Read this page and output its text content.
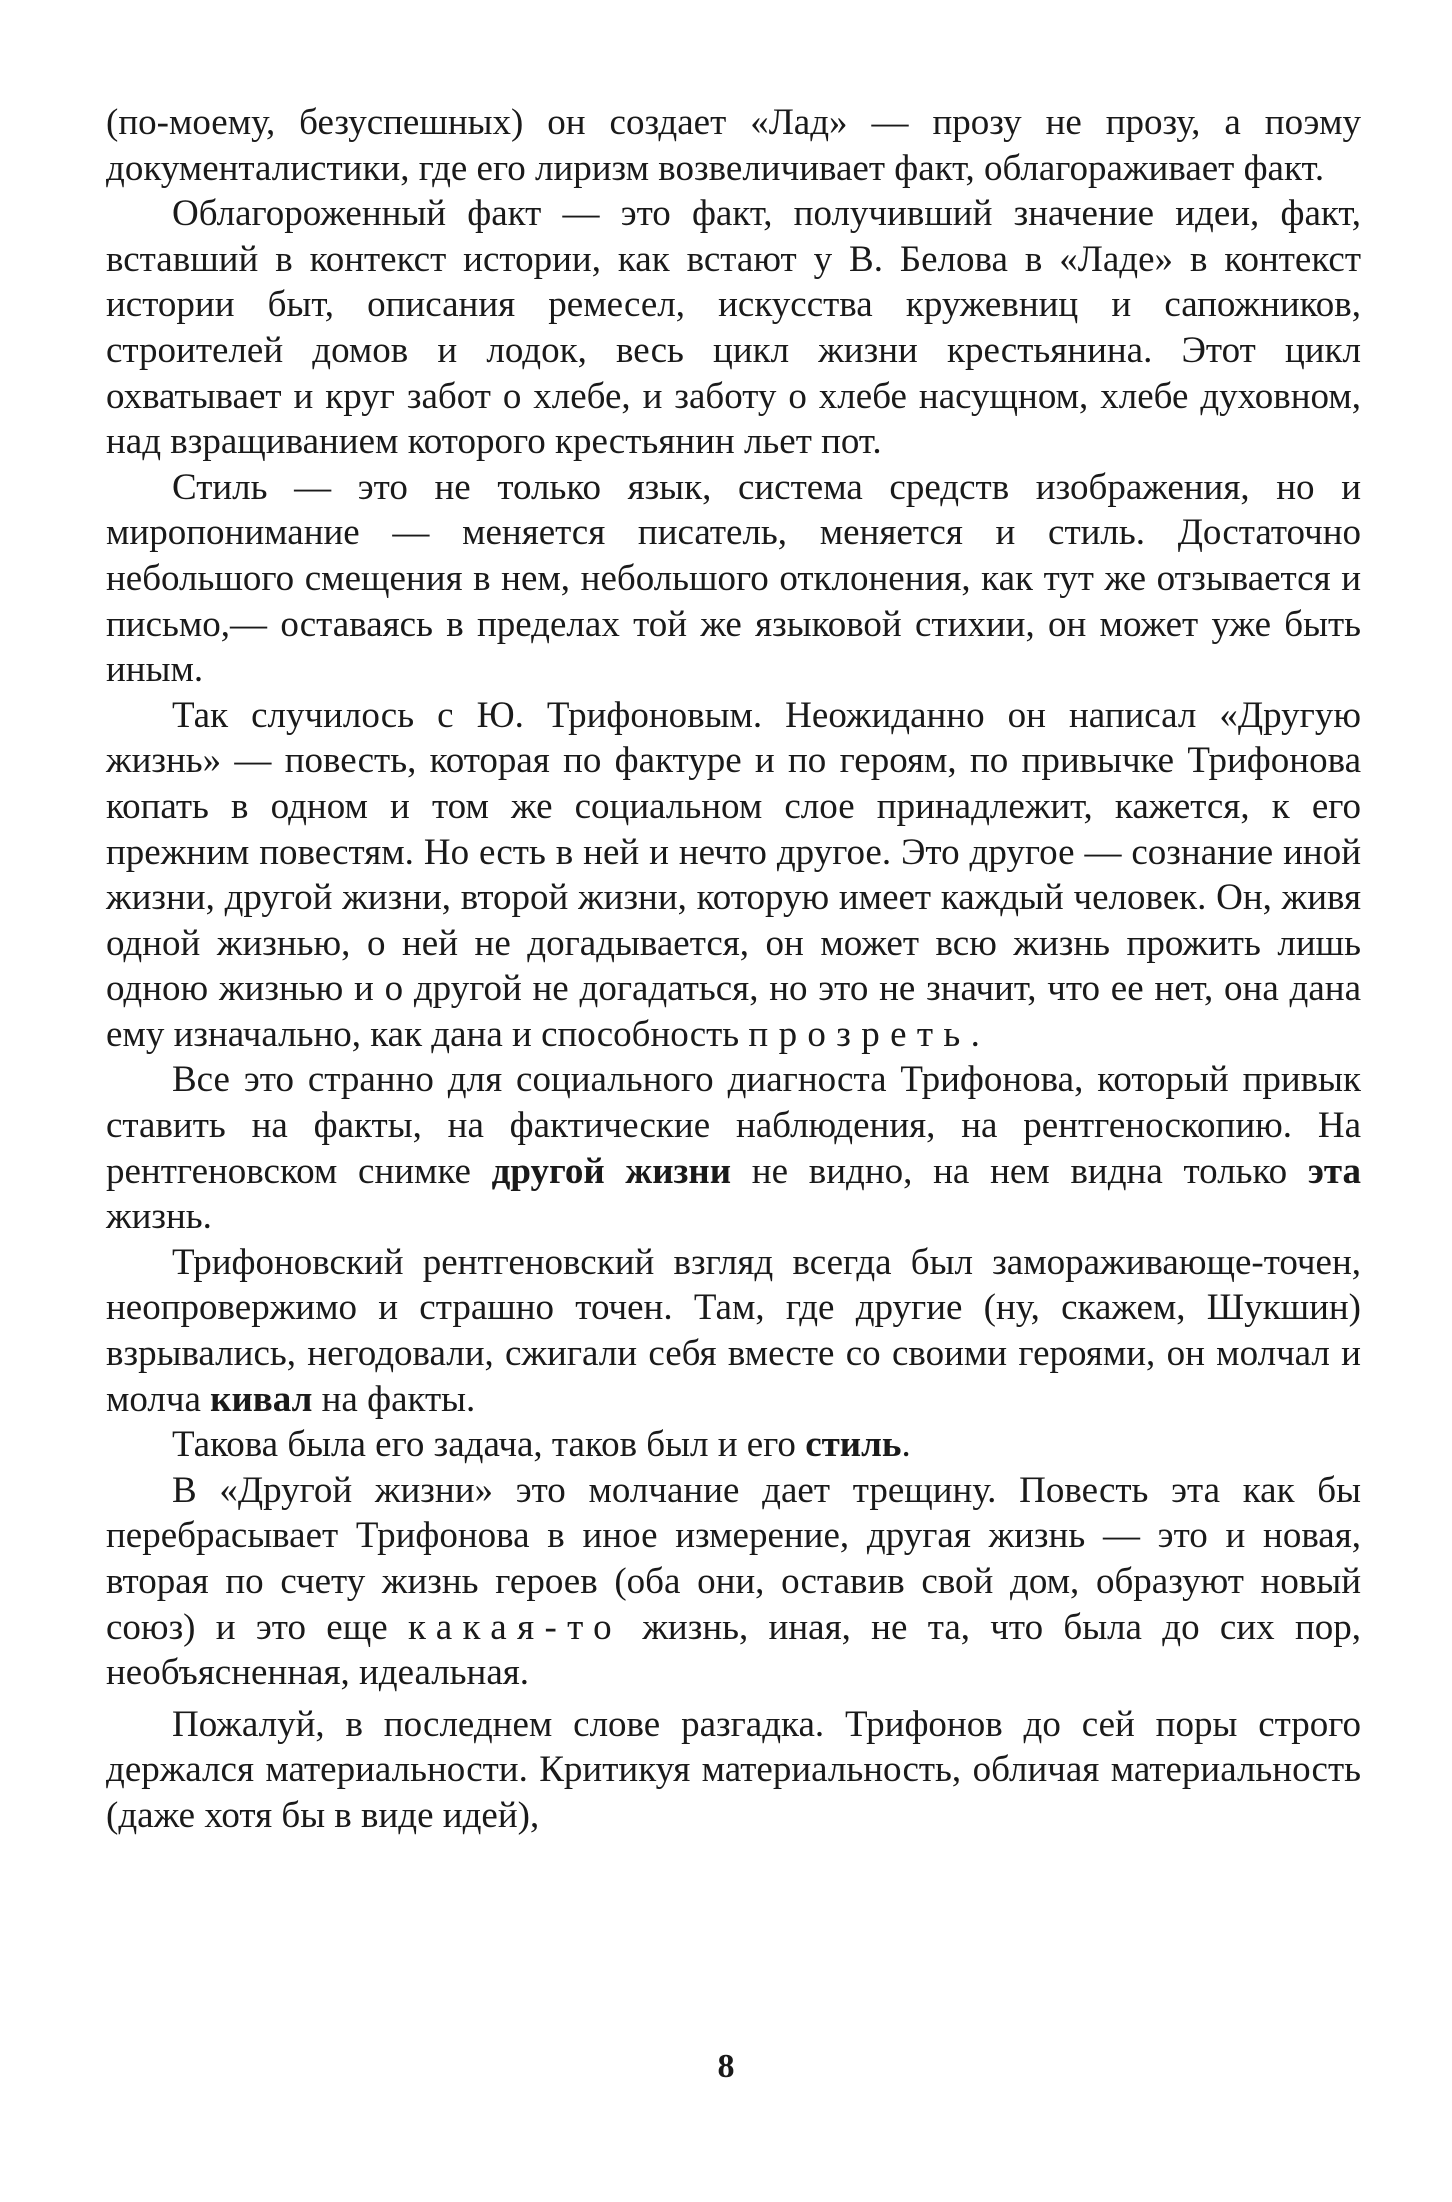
(по-моему, безуспешных) он создает «Лад» — прозу не прозу, а поэму документалистики, где его лиризм возвеличивает факт, облагораживает факт.

Облагороженный факт — это факт, получивший значение идеи, факт, вставший в контекст истории, как встают у В. Белова в «Ладе» в контекст истории быт, описания ремесел, искусства кружевниц и сапожников, строителей домов и лодок, весь цикл жизни крестьянина. Этот цикл охватывает и круг забот о хлебе, и заботу о хлебе насущном, хлебе духовном, над взращиванием которого крестьянин льет пот.

Стиль — это не только язык, система средств изображения, но и миропонимание — меняется писатель, меняется и стиль. Достаточно небольшого смещения в нем, небольшого отклонения, как тут же отзывается и письмо,— оставаясь в пределах той же языковой стихии, он может уже быть иным.

Так случилось с Ю. Трифоновым. Неожиданно он написал «Другую жизнь» — повесть, которая по фактуре и по героям, по привычке Трифонова копать в одном и том же социальном слое принадлежит, кажется, к его прежним повестям. Но есть в ней и нечто другое. Это другое — сознание иной жизни, другой жизни, второй жизни, которую имеет каждый человек. Он, живя одной жизнью, о ней не догадывается, он может всю жизнь прожить лишь одною жизнью и о другой не догадаться, но это не значит, что ее нет, она дана ему изначально, как дана и способность прозреть.

Все это странно для социального диагноста Трифонова, который привык ставить на факты, на фактические наблюдения, на рентгеноскопию. На рентгеновском снимке другой жизни не видно, на нем видна только эта жизнь.

Трифоновский рентгеновский взгляд всегда был замораживающе-точен, неопровержимо и страшно точен. Там, где другие (ну, скажем, Шукшин) взрывались, негодовали, сжигали себя вместе со своими героями, он молчал и молча кивал на факты.

Такова была его задача, таков был и его стиль.

В «Другой жизни» это молчание дает трещину. Повесть эта как бы перебрасывает Трифонова в иное измерение, другая жизнь — это и новая, вторая по счету жизнь героев (оба они, оставив свой дом, образуют новый союз) и это еще какая-то жизнь, иная, не та, что была до сих пор, необъясненная, идеальная.

Пожалуй, в последнем слове разгадка. Трифонов до сей поры строго держался материальности. Критикуя материальность, обличая материальность (даже хотя бы в виде идей),

8
